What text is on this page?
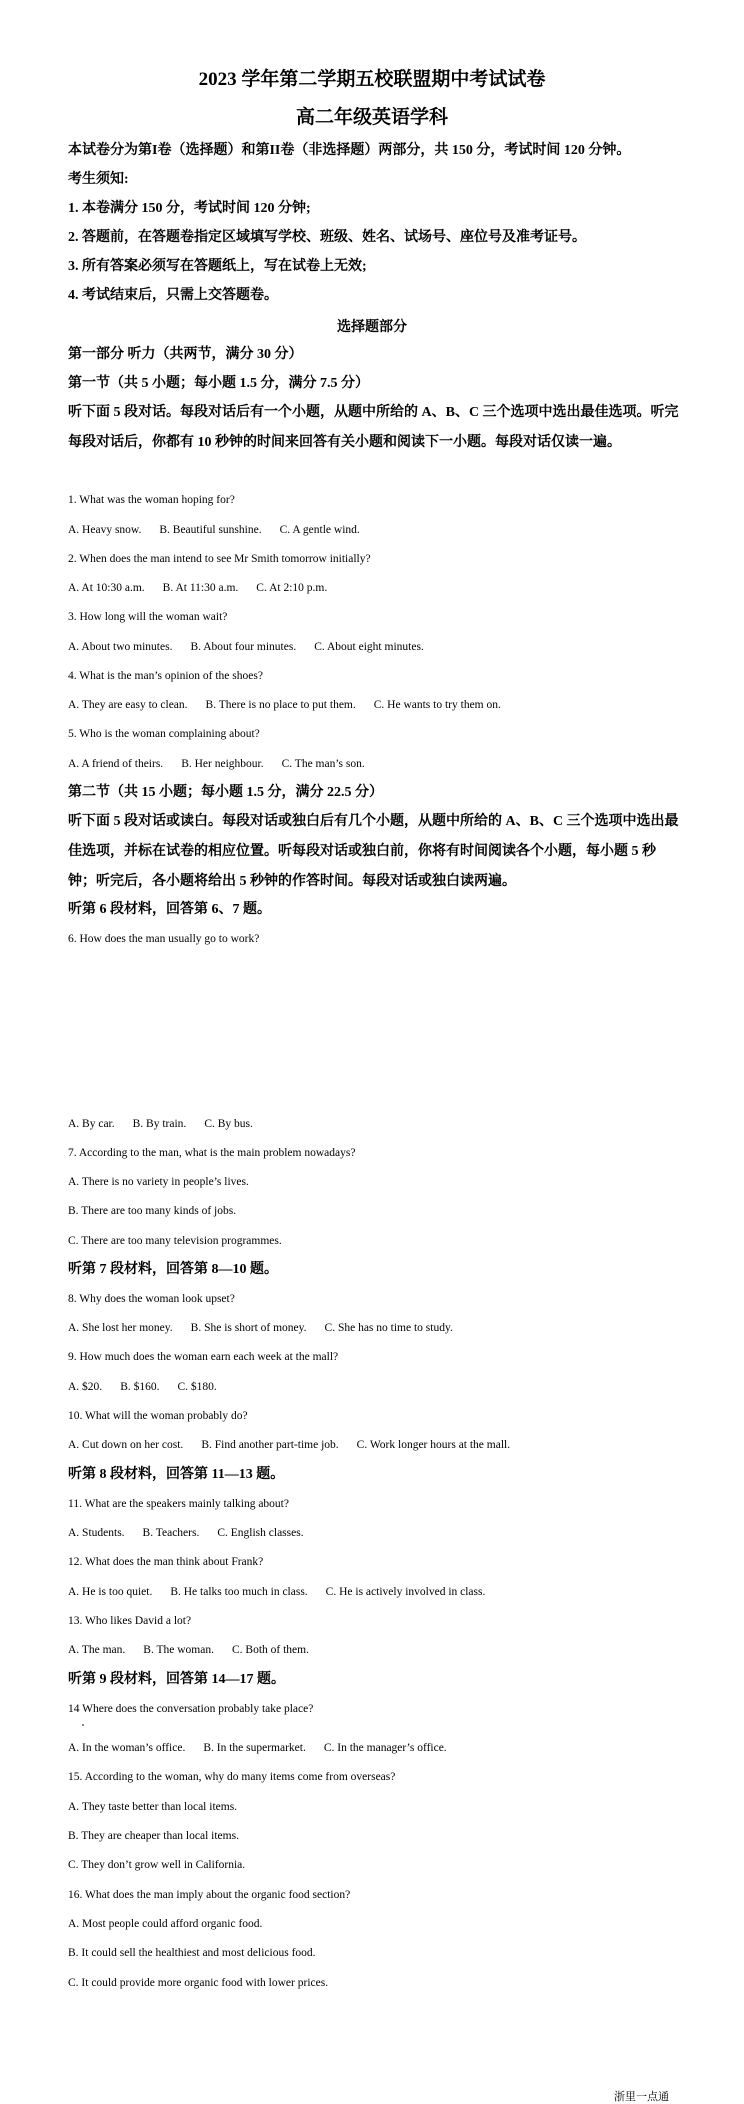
2023 学年第二学期五校联盟期中考试试卷
高二年级英语学科
本试卷分为第I卷（选择题）和第II卷（非选择题）两部分，共 150 分，考试时间 120 分钟。
考生须知:
1. 本卷满分 150 分，考试时间 120 分钟;
2. 答题前，在答题卷指定区域填写学校、班级、姓名、试场号、座位号及准考证号。
3. 所有答案必须写在答题纸上，写在试卷上无效;
4. 考试结束后，只需上交答题卷。
选择题部分
第一部分 听力（共两节，满分 30 分）
第一节（共 5 小题；每小题 1.5 分，满分 7.5 分）
听下面 5 段对话。每段对话后有一个小题，从题中所给的 A、B、C 三个选项中选出最佳选项。听完每段对话后，你都有 10 秒钟的时间来回答有关小题和阅读下一小题。每段对话仅读一遍。
1. What was the woman hoping for?
A. Heavy snow. B. Beautiful sunshine. C. A gentle wind.
2. When does the man intend to see Mr Smith tomorrow initially?
A. At 10:30 a.m. B. At 11:30 a.m. C. At 2:10 p.m.
3. How long will the woman wait?
A. About two minutes. B. About four minutes. C. About eight minutes.
4. What is the man’s opinion of the shoes?
A. They are easy to clean. B. There is no place to put them. C. He wants to try them on.
5. Who is the woman complaining about?
A. A friend of theirs. B. Her neighbour. C. The man’s son.
第二节（共 15 小题；每小题 1.5 分，满分 22.5 分）
听下面 5 段对话或读白。每段对话或独白后有几个小题，从题中所给的 A、B、C 三个选项中选出最佳选项，并标在试卷的相应位置。听每段对话或独白前，你将有时间阅读各个小题，每小题 5 秒钟；听完后，各小题将给出 5 秒钟的作答时间。每段对话或独白读两遍。
听第 6 段材料，回答第 6、7 题。
6. How does the man usually go to work?
A. By car. B. By train. C. By bus.
7. According to the man, what is the main problem nowadays?
A. There is no variety in people’s lives.
B. There are too many kinds of jobs.
C. There are too many television programmes.
听第 7 段材料，回答第 8—10 题。
8. Why does the woman look upset?
A. She lost her money. B. She is short of money. C. She has no time to study.
9. How much does the woman earn each week at the mall?
A. $20. B. $160. C. $180.
10. What will the woman probably do?
A. Cut down on her cost. B. Find another part-time job. C. Work longer hours at the mall.
听第 8 段材料，回答第 11—13 题。
11. What are the speakers mainly talking about?
A. Students. B. Teachers. C. English classes.
12. What does the man think about Frank?
A. He is too quiet. B. He talks too much in class. C. He is actively involved in class.
13. Who likes David a lot?
A. The man. B. The woman. C. Both of them.
听第 9 段材料，回答第 14—17 题。
14 Where does the conversation probably take place?
A. In the woman’s office. B. In the supermarket. C. In the manager’s office.
15. According to the woman, why do many items come from overseas?
A. They taste better than local items.
B. They are cheaper than local items.
C. They don’t grow well in California.
16. What does the man imply about the organic food section?
A. Most people could afford organic food.
B. It could sell the healthiest and most delicious food.
C. It could provide more organic food with lower prices.
浙里一点通
